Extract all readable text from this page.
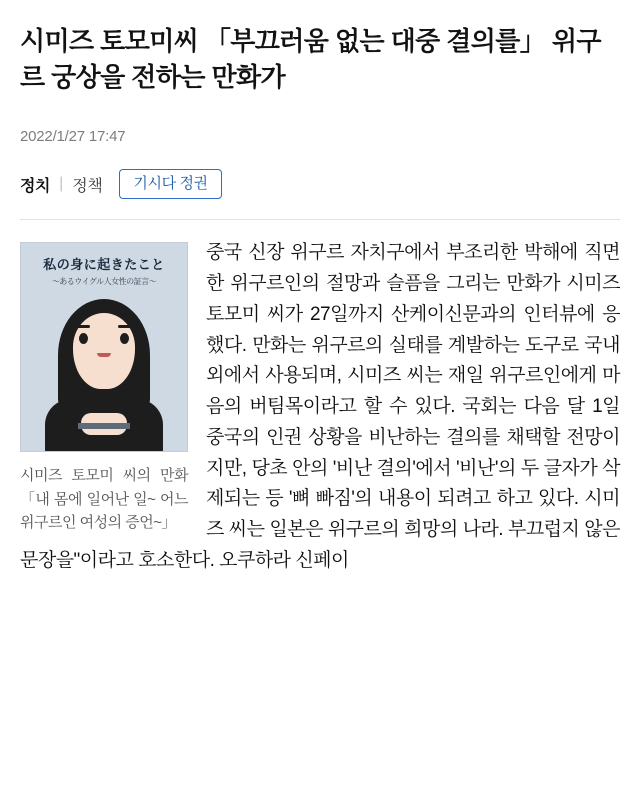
시미즈 토모미씨 「부끄러움 없는 대중 결의를」 위구르 궁상을 전하는 만화가
2022/1/27 17:47
정치 | 정책	기시다 정권
私の身に起きたこと
〜あるウイグル人女性の証言〜
시미즈 토모미 씨의 만화 「내 몸에 일어난 일~ 어느 위구르인 여성의 증언~」

중국 신장 위구르 자치구에서 부조리한 박해에 직면한 위구르인의 절망과 슬픔을 그리는 만화가 시미즈 토모미 씨가 27일까지 산케이신문과의 인터뷰에 응했다. 만화는 위구르의 실태를 계발하는 도구로 국내외에서 사용되며, 시미즈 씨는 재일 위구르인에게 마음의 버팀목이라고 할 수 있다. 국회는 다음 달 1일 중국의 인권 상황을 비난하는 결의를 채택할 전망이지만, 당초 안의 '비난 결의'에서 '비난'의 두 글자가 삭제되는 등 '뼈 빠짐'의 내용이 되려고 하고 있다. 시미즈 씨는 일본은 위구르의 희망의 나라. 부끄럽지 않은 문장을"이라고 호소한다. 오쿠하라 신페이
